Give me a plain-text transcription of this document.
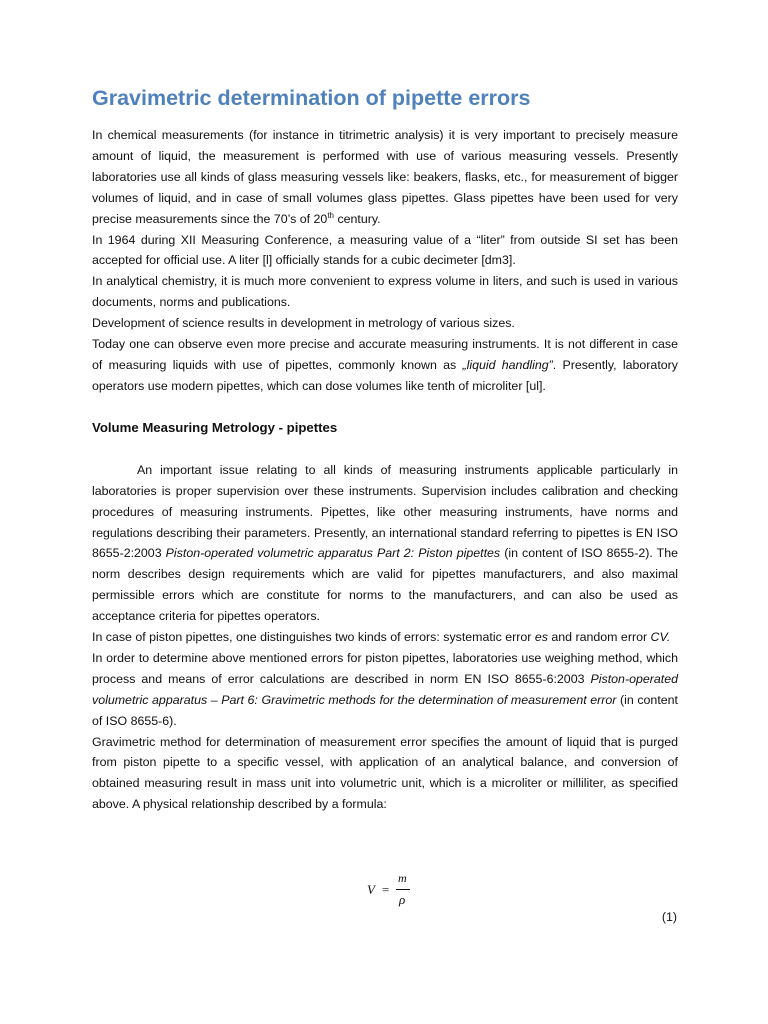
Gravimetric determination of pipette errors

In chemical measurements (for instance in titrimetric analysis) it is very important to precisely measure amount of liquid, the measurement is performed with use of various measuring vessels. Presently laboratories use all kinds of glass measuring vessels like: beakers, flasks, etc., for measurement of bigger volumes of liquid, and in case of small volumes glass pipettes. Glass pipettes have been used for very precise measurements since the 70’s of 20th century.

In 1964 during XII Measuring Conference, a measuring value of a “liter” from outside SI set has been accepted for official use. A liter [l] officially stands for a cubic decimeter [dm3].

In analytical chemistry, it is much more convenient to express volume in liters, and such is used in various documents, norms and publications.

Development of science results in development in metrology of various sizes.

Today one can observe even more precise and accurate measuring instruments. It is not different in case of measuring liquids with use of pipettes, commonly known as „liquid handling”. Presently, laboratory operators use modern pipettes, which can dose volumes like tenth of microliter [ul].

Volume Measuring Metrology - pipettes

An important issue relating to all kinds of measuring instruments applicable particularly in laboratories is proper supervision over these instruments. Supervision includes calibration and checking procedures of measuring instruments. Pipettes, like other measuring instruments, have norms and regulations describing their parameters. Presently, an international standard referring to pipettes is EN ISO 8655-2:2003 Piston-operated volumetric apparatus Part 2: Piston pipettes (in content of ISO 8655-2). The norm describes design requirements which are valid for pipettes manufacturers, and also maximal permissible errors which are constitute for norms to the manufacturers, and can also be used as acceptance criteria for pipettes operators.

In case of piston pipettes, one distinguishes two kinds of errors: systematic error es and random error CV.

In order to determine above mentioned errors for piston pipettes, laboratories use weighing method, which process and means of error calculations are described in norm EN ISO 8655-6:2003 Piston-operated volumetric apparatus – Part 6: Gravimetric methods for the determination of measurement error (in content of ISO 8655-6).

Gravimetric method for determination of measurement error specifies the amount of liquid that is purged from piston pipette to a specific vessel, with application of an analytical balance, and conversion of obtained measuring result in mass unit into volumetric unit, which is a microliter or milliliter, as specified above. A physical relationship described by a formula:

V =
m
ρ
(1)
